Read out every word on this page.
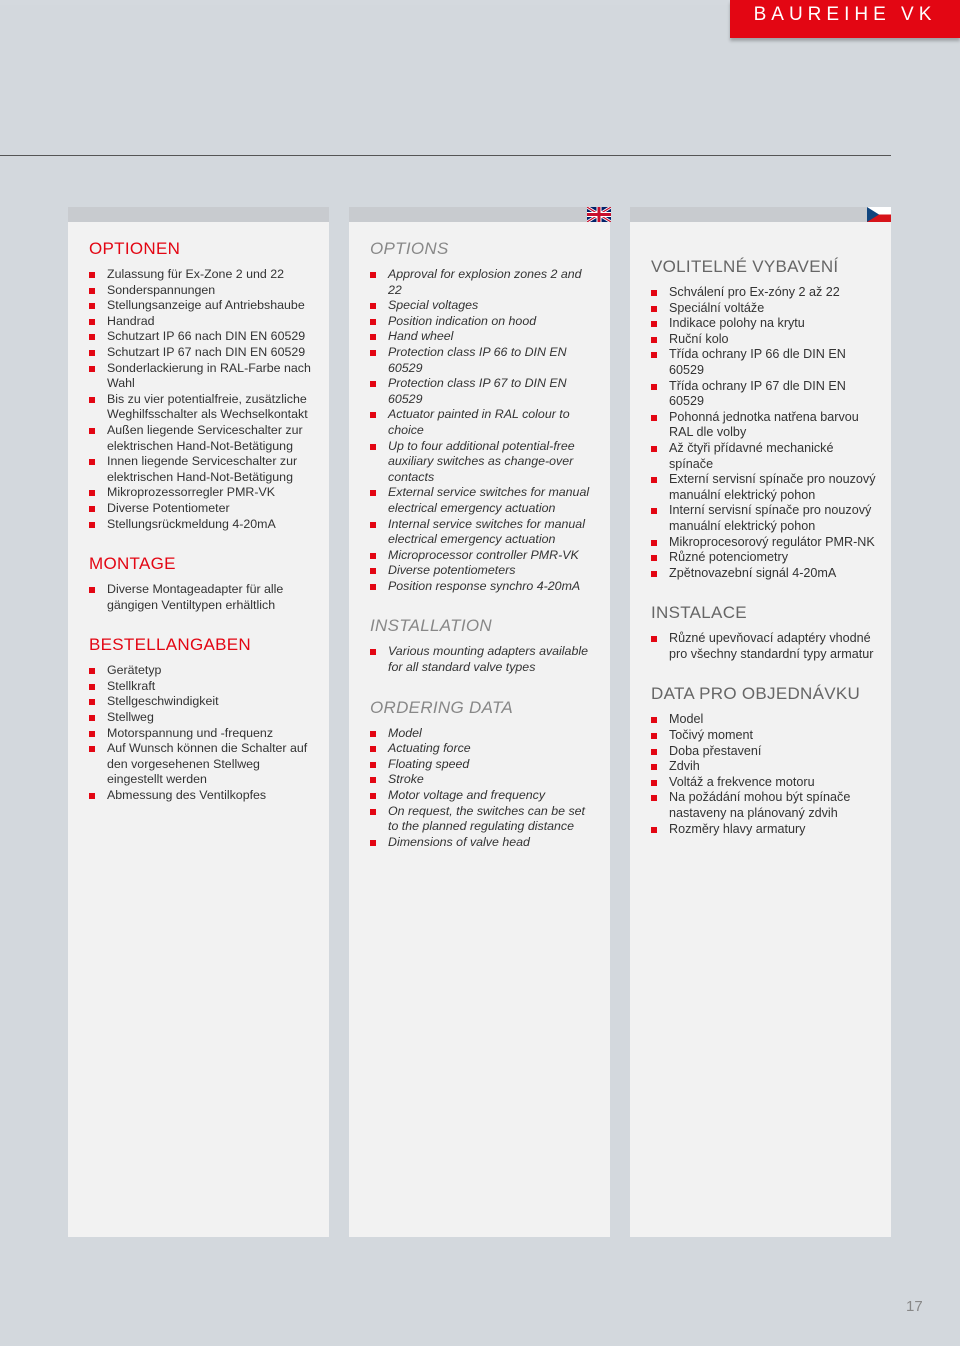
BAUREIHE VK
OPTIONEN
Zulassung für Ex-Zone 2 und 22
Sonderspannungen
Stellungsanzeige auf Antriebshaube
Handrad
Schutzart IP 66 nach DIN EN 60529
Schutzart IP 67 nach DIN EN 60529
Sonderlackierung in RAL-Farbe nach Wahl
Bis zu vier potentialfreie, zusätzliche Weghilfsschalter als Wechselkontakt
Außen liegende Serviceschalter zur elektrischen Hand-Not-Betätigung
Innen liegende Serviceschalter zur elektrischen Hand-Not-Betätigung
Mikroprozessorregler PMR-VK
Diverse Potentiometer
Stellungsrückmeldung 4-20mA
MONTAGE
Diverse Montageadapter für alle gängigen Ventiltypen erhältlich
BESTELLANGABEN
Gerätetyp
Stellkraft
Stellgeschwindigkeit
Stellweg
Motorspannung und -frequenz
Auf Wunsch können die Schalter auf den vorgesehenen Stellweg eingestellt werden
Abmessung des Ventilkopfes
OPTIONS
Approval for explosion zones 2 and 22
Special voltages
Position indication on hood
Hand wheel
Protection class IP 66 to DIN EN 60529
Protection class IP 67 to DIN EN 60529
Actuator painted in RAL colour to choice
Up to four additional potential-free auxiliary switches as change-over contacts
External service switches for manual electrical emergency actuation
Internal service switches for manual electrical emergency actuation
Microprocessor controller PMR-VK
Diverse potentiometers
Position response synchro 4-20mA
INSTALLATION
Various mounting adapters available for all standard valve types
ORDERING DATA
Model
Actuating force
Floating speed
Stroke
Motor voltage and frequency
On request, the switches can be set to the planned regulating distance
Dimensions of valve head
VOLITELNÉ VYBAVENÍ
Schválení pro Ex-zóny 2 až 22
Speciální voltáže
Indikace polohy na krytu
Ruční kolo
Třída ochrany IP 66 dle DIN EN 60529
Třída ochrany IP 67 dle DIN EN 60529
Pohonná jednotka natřena barvou RAL dle volby
Až čtyři přídavné mechanické spínače
Externí servisní spínače pro nouzový manuální elektrický pohon
Interní servisní spínače pro nouzový manuální elektrický pohon
Mikroprocesorový regulátor PMR-NK
Různé potenciometry
Zpětnovazební signál 4-20mA
INSTALACE
Různé upevňovací adaptéry vhodné pro všechny standardní typy armatur
DATA PRO OBJEDNÁVKU
Model
Točivý moment
Doba přestavení
Zdvih
Voltáž a frekvence motoru
Na požádání mohou být spínače nastaveny na plánovaný zdvih
Rozměry hlavy armatury
17
